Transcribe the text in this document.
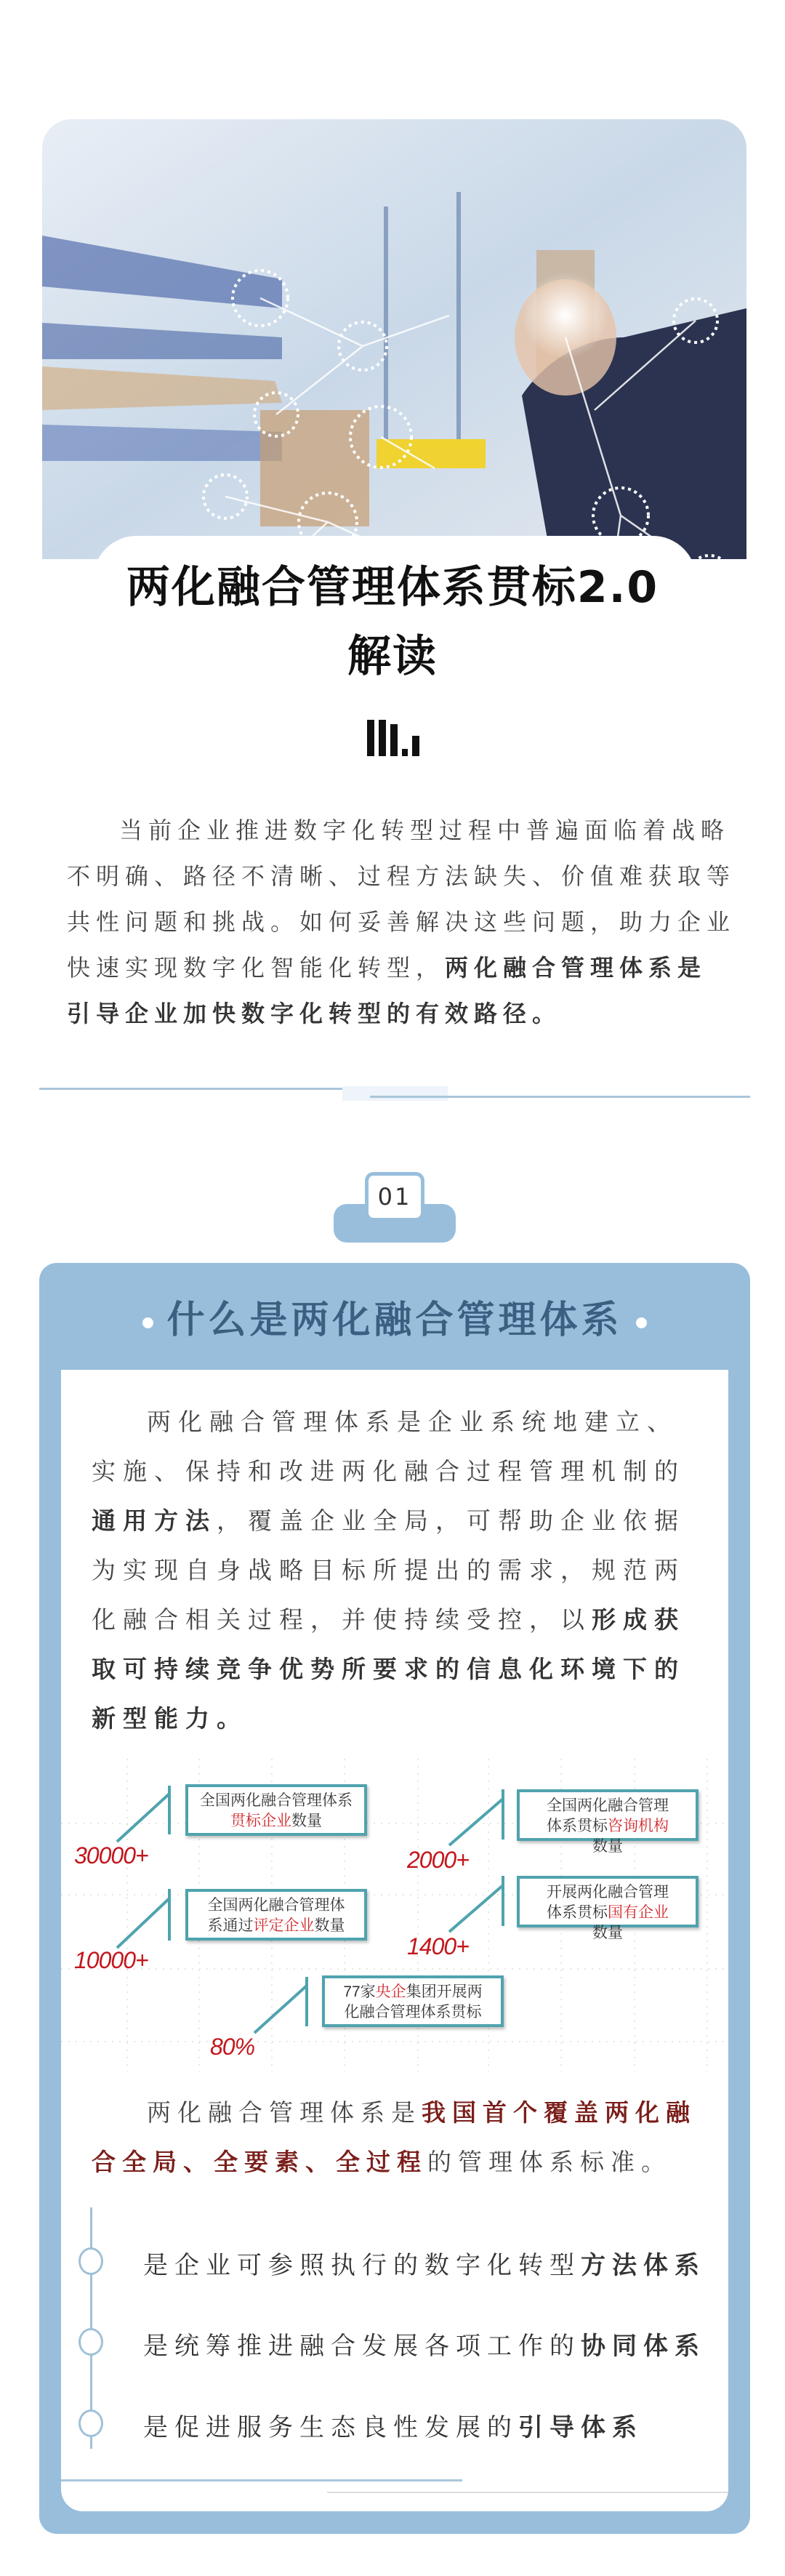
两化融合管理体系贯标2.0
解读
当前企业推进数字化转型过程中普遍面临着战略不明确、路径不清晰、过程方法缺失、价值难获取等共性问题和挑战。如何妥善解决这些问题，助力企业快速实现数字化智能化转型，两化融合管理体系是引导企业加快数字化转型的有效路径。
01
什么是两化融合管理体系
两化融合管理体系是企业系统地建立、实施、保持和改进两化融合过程管理机制的通用方法，覆盖企业全局，可帮助企业依据为实现自身战略目标所提出的需求，规范两化融合相关过程，并使持续受控，以形成获取可持续竞争优势所要求的信息化环境下的新型能力。
全国两化融合管理体系
贯标企业数量
30000+
全国两化融合管理体系贯标咨询机构数量
2000+
全国两化融合管理体系通过评定企业数量
10000+
开展两化融合管理体系贯标国有企业数量
1400+
77家央企集团开展两化融合管理体系贯标
80%
两化融合管理体系是我国首个覆盖两化融合全局、全要素、全过程的管理体系标准。
是企业可参照执行的数字化转型方法体系
是统筹推进融合发展各项工作的协同体系
是促进服务生态良性发展的引导体系
